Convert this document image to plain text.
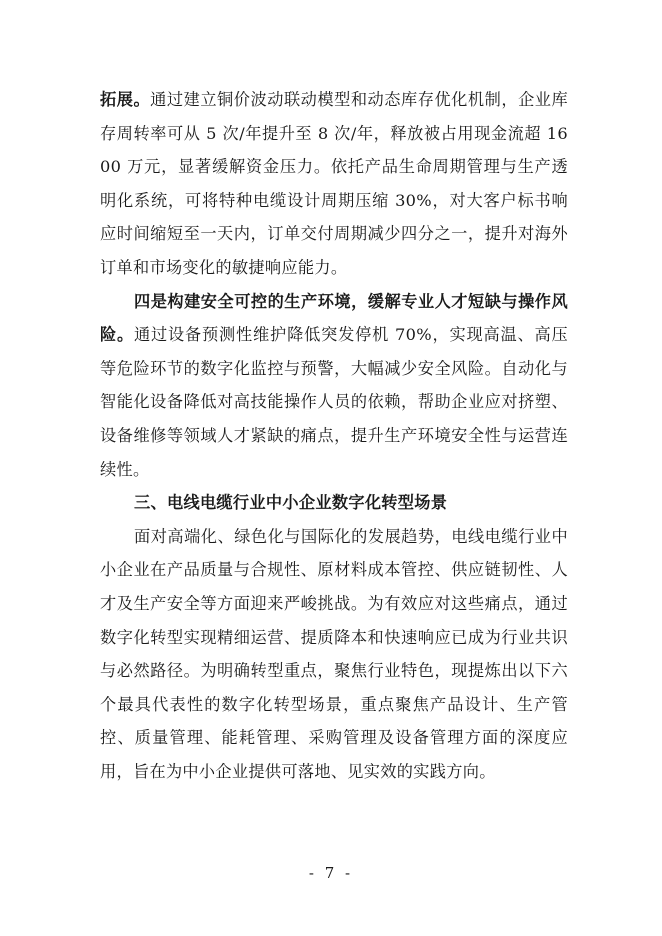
拓展。通过建立铜价波动联动模型和动态库存优化机制，企业库存周转率可从 5 次/年提升至 8 次/年，释放被占用现金流超 1600 万元，显著缓解资金压力。依托产品生命周期管理与生产透明化系统，可将特种电缆设计周期压缩 30%，对大客户标书响应时间缩短至一天内，订单交付周期减少四分之一，提升对海外订单和市场变化的敏捷响应能力。

四是构建安全可控的生产环境，缓解专业人才短缺与操作风险。通过设备预测性维护降低突发停机 70%，实现高温、高压等危险环节的数字化监控与预警，大幅减少安全风险。自动化与智能化设备降低对高技能操作人员的依赖，帮助企业应对挤塑、设备维修等领域人才紧缺的痛点，提升生产环境安全性与运营连续性。

三、电线电缆行业中小企业数字化转型场景

面对高端化、绿色化与国际化的发展趋势，电线电缆行业中小企业在产品质量与合规性、原材料成本管控、供应链韧性、人才及生产安全等方面迎来严峻挑战。为有效应对这些痛点，通过数字化转型实现精细运营、提质降本和快速响应已成为行业共识与必然路径。为明确转型重点，聚焦行业特色，现提炼出以下六个最具代表性的数字化转型场景，重点聚焦产品设计、生产管控、质量管理、能耗管理、采购管理及设备管理方面的深度应用，旨在为中小企业提供可落地、见实效的实践方向。

- 7 -
